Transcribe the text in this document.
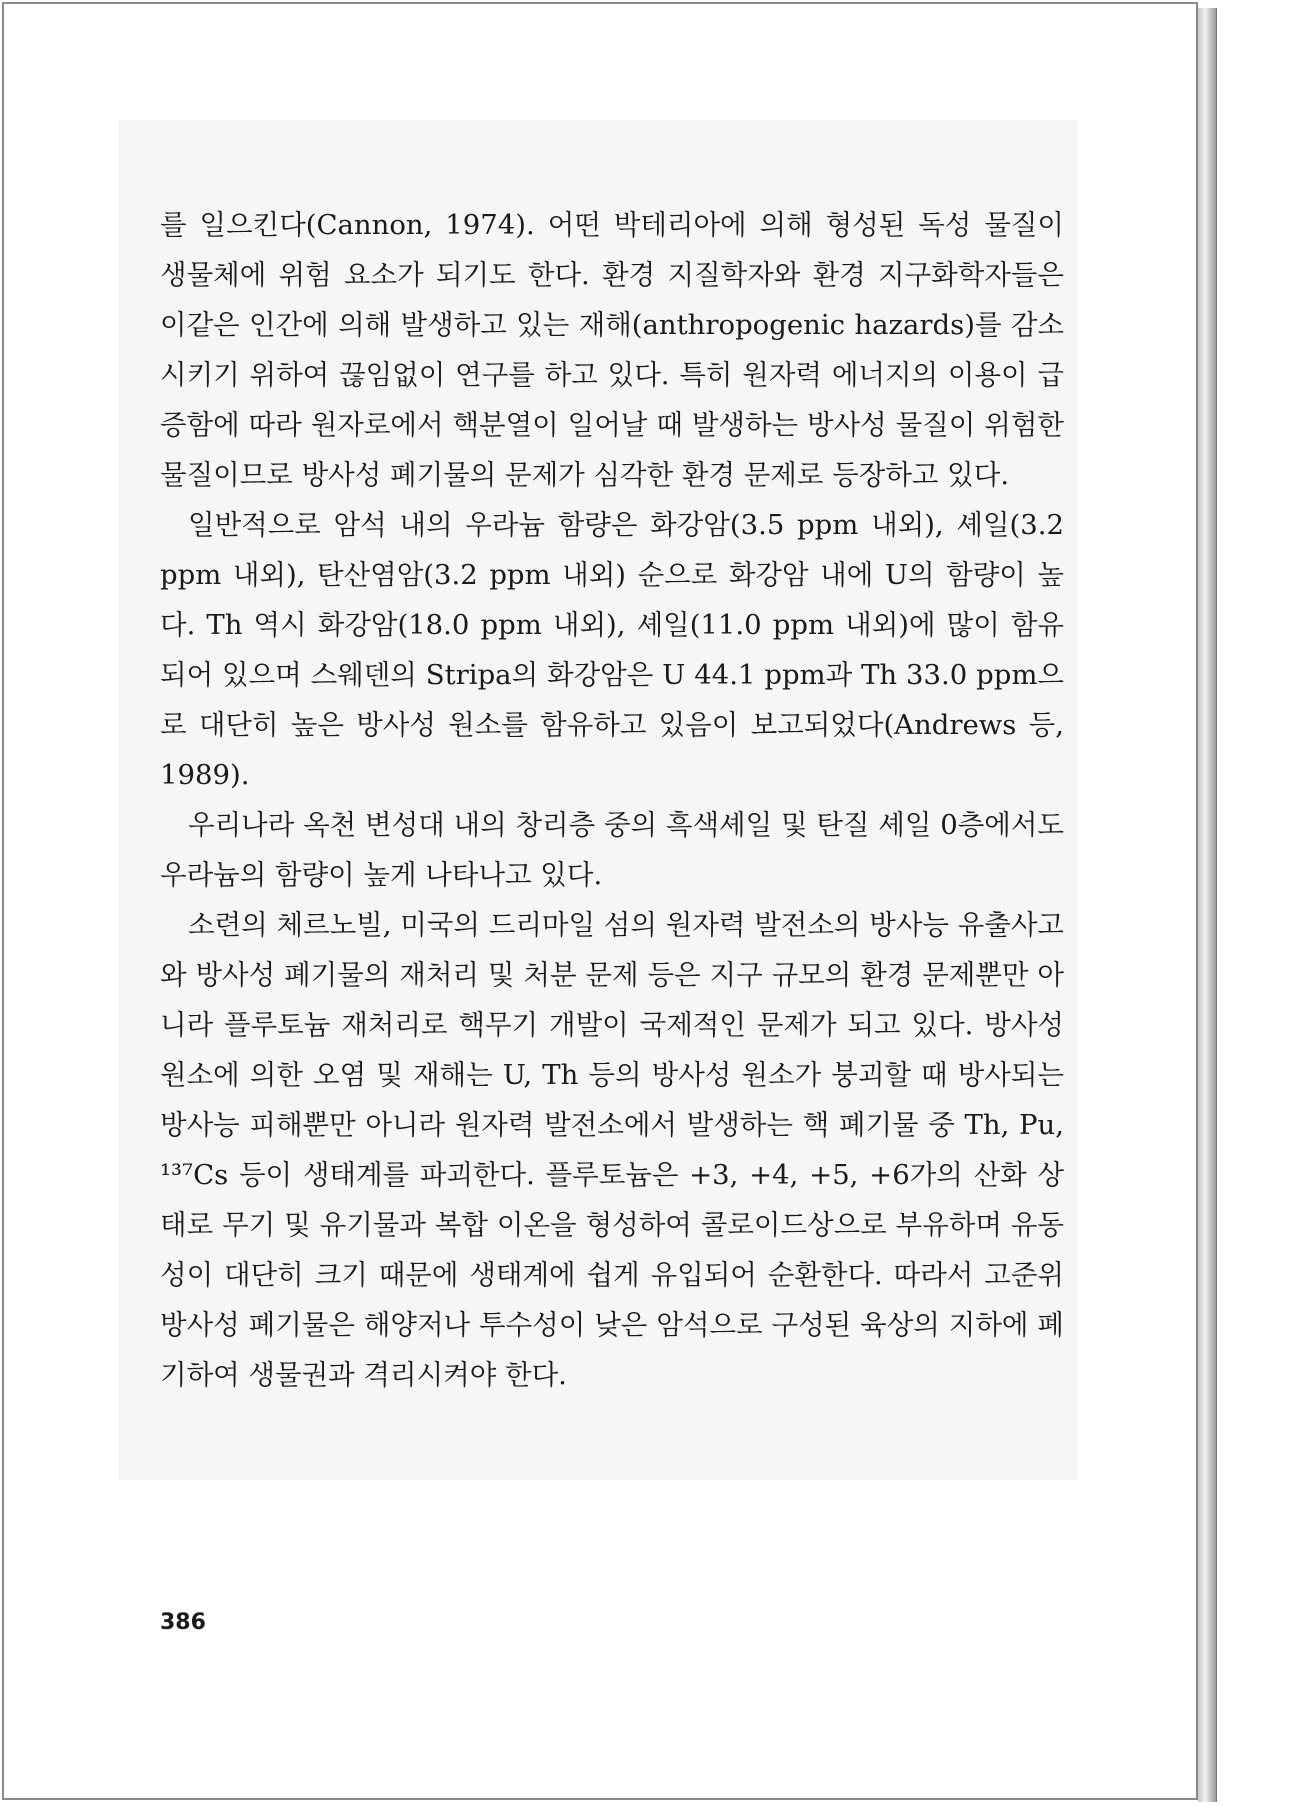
를 일으킨다(Cannon, 1974). 어떤 박테리아에 의해 형성된 독성 물질이 생물체에 위험 요소가 되기도 한다. 환경 지질학자와 환경 지구화학자들은 이같은 인간에 의해 발생하고 있는 재해(anthropogenic hazards)를 감소시키기 위하여 끊임없이 연구를 하고 있다. 특히 원자력 에너지의 이용이 급증함에 따라 원자로에서 핵분열이 일어날 때 발생하는 방사성 물질이 위험한 물질이므로 방사성 폐기물의 문제가 심각한 환경 문제로 등장하고 있다.

일반적으로 암석 내의 우라늄 함량은 화강암(3.5 ppm 내외), 셰일(3.2 ppm 내외), 탄산염암(3.2 ppm 내외) 순으로 화강암 내에 U의 함량이 높다. Th 역시 화강암(18.0 ppm 내외), 셰일(11.0 ppm 내외)에 많이 함유되어 있으며 스웨덴의 Stripa의 화강암은 U 44.1 ppm과 Th 33.0 ppm으로 대단히 높은 방사성 원소를 함유하고 있음이 보고되었다(Andrews 등, 1989).

우리나라 옥천 변성대 내의 창리층 중의 흑색셰일 및 탄질 셰일 0층에서도 우라늄의 함량이 높게 나타나고 있다.

소련의 체르노빌, 미국의 드리마일 섬의 원자력 발전소의 방사능 유출사고와 방사성 폐기물의 재처리 및 처분 문제 등은 지구 규모의 환경 문제뿐만 아니라 플루토늄 재처리로 핵무기 개발이 국제적인 문제가 되고 있다. 방사성 원소에 의한 오염 및 재해는 U, Th 등의 방사성 원소가 붕괴할 때 방사되는 방사능 피해뿐만 아니라 원자력 발전소에서 발생하는 핵 폐기물 중 Th, Pu, ¹³⁷Cs 등이 생태계를 파괴한다. 플루토늄은 +3, +4, +5, +6가의 산화 상태로 무기 및 유기물과 복합 이온을 형성하여 콜로이드상으로 부유하며 유동성이 대단히 크기 때문에 생태계에 쉽게 유입되어 순환한다. 따라서 고준위 방사성 폐기물은 해양저나 투수성이 낮은 암석으로 구성된 육상의 지하에 폐기하여 생물권과 격리시켜야 한다.

386
